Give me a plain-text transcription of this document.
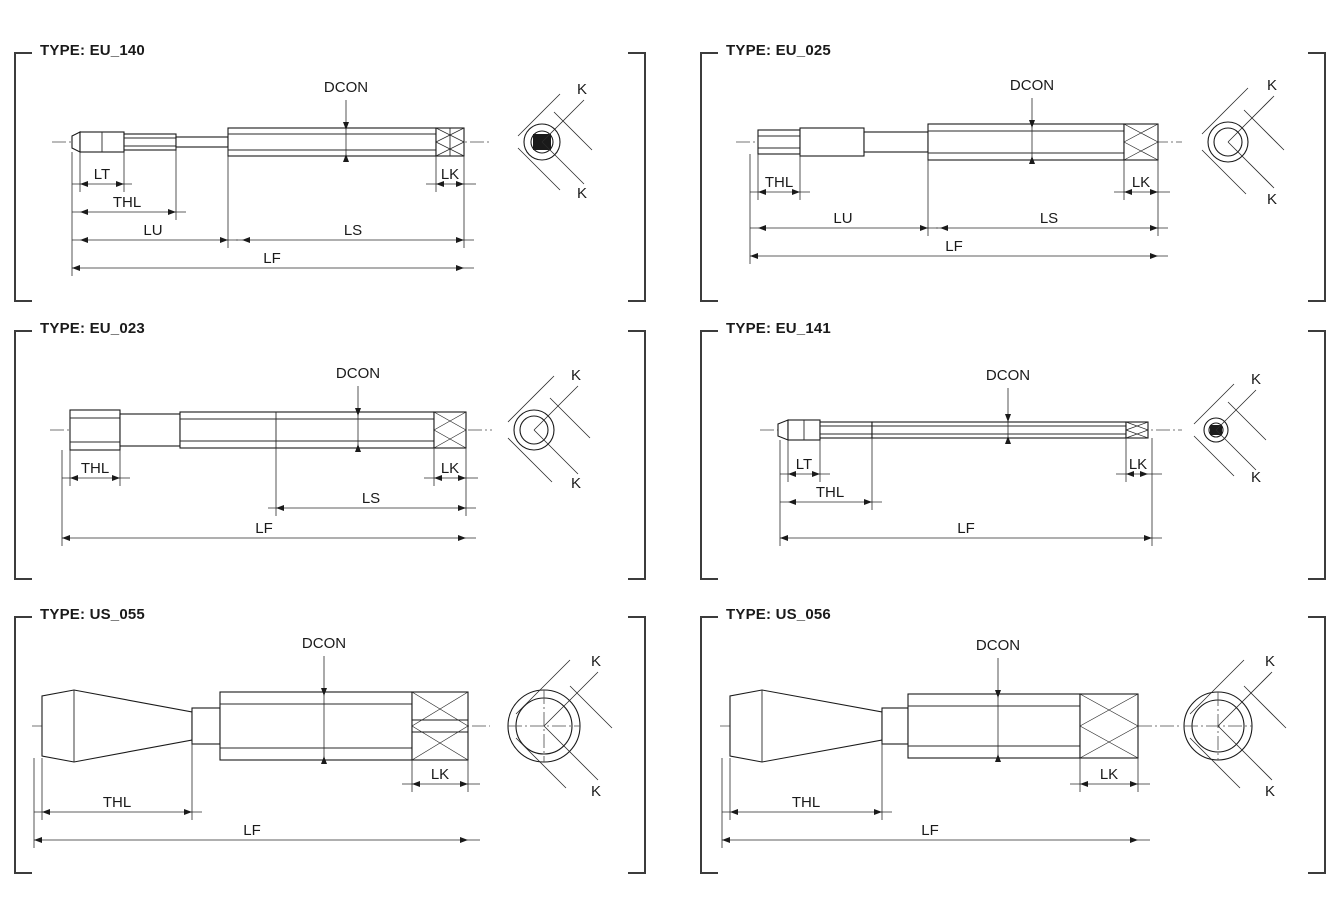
TYPE: EU_140
DCON
LT
THL
LU	LS
LF
LK
K
K
TYPE: EU_025
DCON
THL
LU	LS
LF
LK
K
K
TYPE: EU_023
DCON
THL
LS
LK
LF
K
K
TYPE: EU_141
DCON
LT
THL
LK
LF
K
K
TYPE: US_055
DCON
THL
LK
LF
K
K
TYPE: US_056
DCON
THL
LK
LF
K
K
